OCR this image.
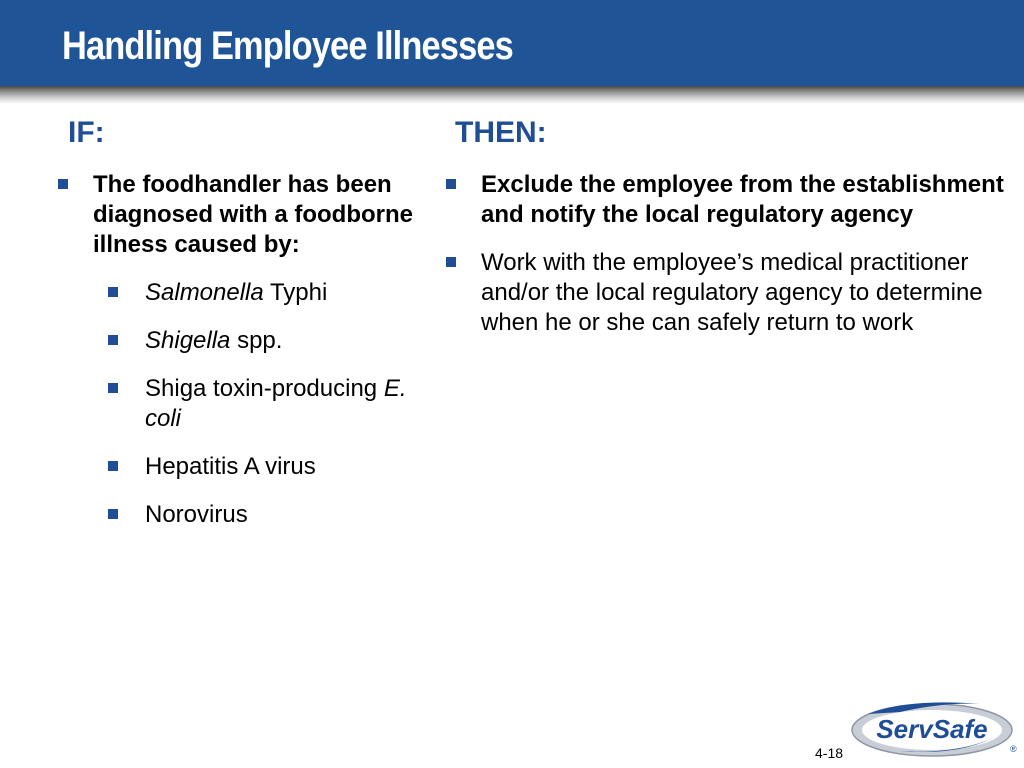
Handling Employee Illnesses
IF:	THEN:
The foodhandler has been diagnosed with a foodborne illness caused by:
Salmonella Typhi
Shigella spp.
Shiga toxin-producing E. coli
Hepatitis A virus
Norovirus
Exclude the employee from the establishment and notify the local regulatory agency
Work with the employee’s medical practitioner and/or the local regulatory agency to determine when he or she can safely return to work
4-18
ServSafe
®
